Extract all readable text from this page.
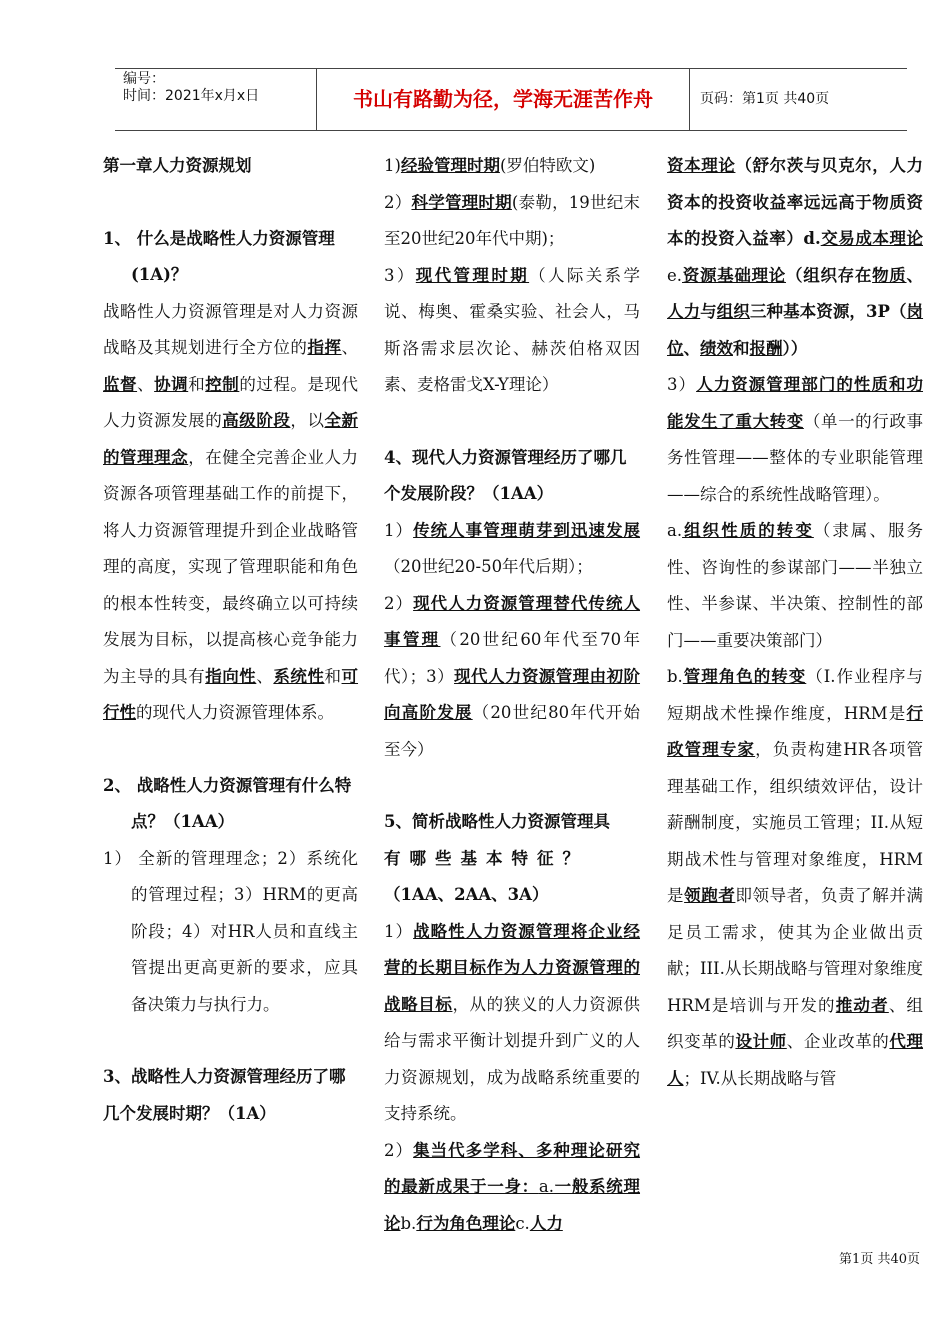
编号：
时间：2021年x月x日	书山有路勤为径，学海无涯苦作舟	页码：第1页 共40页

第一章人力资源规划

1、 什么是战略性人力资源管理(1A)？

战略性人力资源管理是对人力资源战略及其规划进行全方位的指挥、监督、协调和控制的过程。是现代人力资源发展的高级阶段，以全新的管理理念，在健全完善企业人力资源各项管理基础工作的前提下，将人力资源管理提升到企业战略管理的高度，实现了管理职能和角色的根本性转变，最终确立以可持续发展为目标，以提高核心竞争能力为主导的具有指向性、系统性和可行性的现代人力资源管理体系。

2、 战略性人力资源管理有什么特点？（1AA）

1） 全新的管理理念；2）系统化的管理过程；3）HRM的更高阶段；4）对HR人员和直线主管提出更高更新的要求，应具备决策力与执行力。

3、战略性人力资源管理经历了哪几个发展时期？（1A）

1)经验管理时期(罗伯特欧文)

2）科学管理时期(泰勒，19世纪末至20世纪20年代中期)；

3）现代管理时期（人际关系学说、梅奥、霍桑实验、社会人，马斯洛需求层次论、赫茨伯格双因素、麦格雷戈X-Y理论）

4、现代人力资源管理经历了哪几个发展阶段？（1AA）

1）传统人事管理萌芽到迅速发展（20世纪20-50年代后期）；
2）现代人力资源管理替代传统人事管理（20世纪60年代至70年代）；3）现代人力资源管理由初阶向高阶发展（20世纪80年代开始至今）

5、简析战略性人力资源管理具
有哪些基本特征？
（1AA、2AA、3A）

1）战略性人力资源管理将企业经营的长期目标作为人力资源管理的战略目标，从的狭义的人力资源供给与需求平衡计划提升到广义的人力资源规划，成为战略系统重要的支持系统。

2）集当代多学科、多种理论研究的最新成果于一身：a.一般系统理论b.行为角色理论c.人力

资本理论（舒尔茨与贝克尔，人力资本的投资收益率远远高于物质资本的投资入益率）d.交易成本理论e.资源基础理论（组织存在物质、人力与组织三种基本资源，3P（岗位、绩效和报酬））

3）人力资源管理部门的性质和功能发生了重大转变（单一的行政事务性管理——整体的专业职能管理——综合的系统性战略管理）。

a.组织性质的转变（隶属、服务性、咨询性的参谋部门——半独立性、半参谋、半决策、控制性的部门——重要决策部门）

b.管理角色的转变（I.作业程序与短期战术性操作维度，HRM是行政管理专家，负责构建HR各项管理基础工作，组织绩效评估，设计薪酬制度，实施员工管理；II.从短期战术性与管理对象维度，HRM是领跑者即领导者，负责了解并满足员工需求，使其为企业做出贡献；III.从长期战略与管理对象维度HRM是培训与开发的推动者、组织变革的设计师、企业改革的代理人；IV.从长期战略与管

第1页 共40页
